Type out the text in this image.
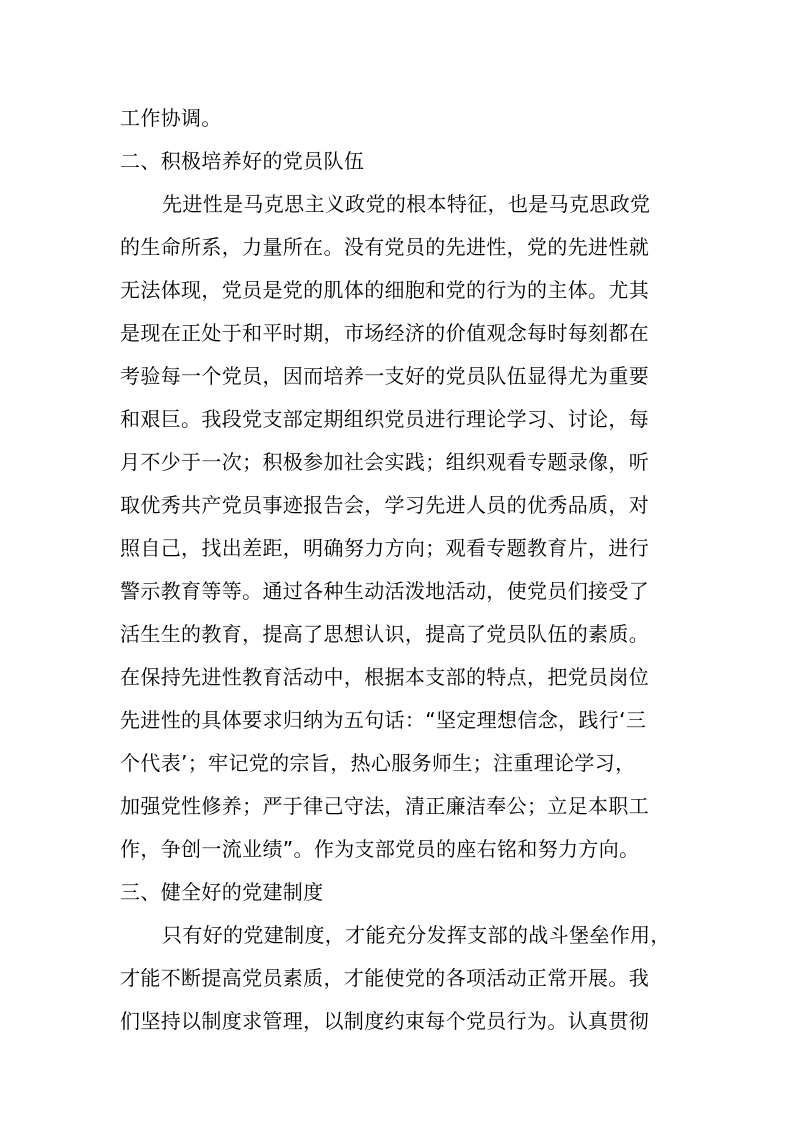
工作协调。
二、积极培养好的党员队伍
先进性是马克思主义政党的根本特征，也是马克思政党
的生命所系，力量所在。没有党员的先进性，党的先进性就
无法体现，党员是党的肌体的细胞和党的行为的主体。尤其
是现在正处于和平时期，市场经济的价值观念每时每刻都在
考验每一个党员，因而培养一支好的党员队伍显得尤为重要
和艰巨。我段党支部定期组织党员进行理论学习、讨论，每
月不少于一次；积极参加社会实践；组织观看专题录像，听
取优秀共产党员事迹报告会，学习先进人员的优秀品质，对
照自己，找出差距，明确努力方向；观看专题教育片，进行
警示教育等等。通过各种生动活泼地活动，使党员们接受了
活生生的教育，提高了思想认识，提高了党员队伍的素质。
在保持先进性教育活动中，根据本支部的特点，把党员岗位
先进性的具体要求归纳为五句话：“坚定理想信念，践行‘三
个代表’；牢记党的宗旨，热心服务师生；注重理论学习，
加强党性修养；严于律己守法，清正廉洁奉公；立足本职工
作，争创一流业绩”。作为支部党员的座右铭和努力方向。
三、健全好的党建制度
只有好的党建制度，才能充分发挥支部的战斗堡垒作用，
才能不断提高党员素质，才能使党的各项活动正常开展。我
们坚持以制度求管理，以制度约束每个党员行为。认真贯彻
